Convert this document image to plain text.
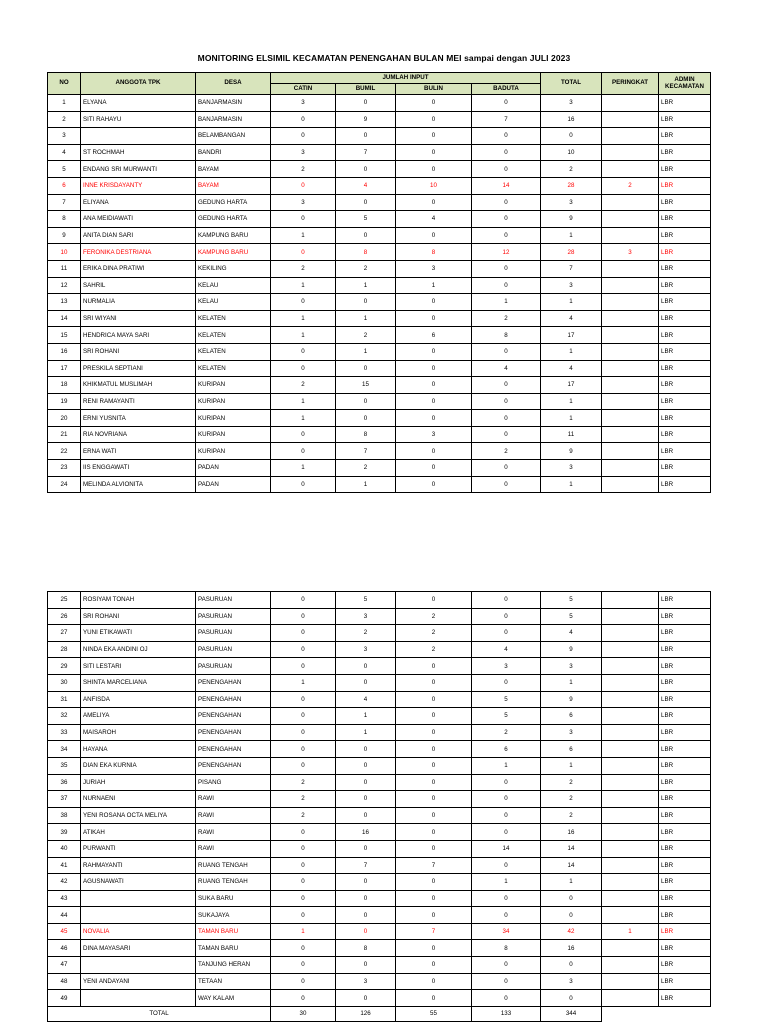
MONITORING ELSIMIL KECAMATAN PENENGAHAN BULAN MEI sampai dengan JULI 2023
NO	ANGGOTA TPK	DESA	JUMLAH INPUT				TOTAL	PERINGKAT	ADMIN KECAMATAN
			CATIN	BUMIL	BULIN	BADUTA			
1	ELYANA	BANJARMASIN	3	0	0	0	3		LBR
2	SITI RAHAYU	BANJARMASIN	0	9	0	7	16		LBR
3		BELAMBANGAN	0	0	0	0	0		LBR
4	ST ROCHMAH	BANDRI	3	7	0	0	10		LBR
5	ENDANG SRI MURWANTI	BAYAM	2	0	0	0	2		LBR
6	INNE KRISDAYANTY	BAYAM	0	4	10	14	28	2	LBR
7	ELIYANA	GEDUNG HARTA	3	0	0	0	3		LBR
8	ANA MEIDIAWATI	GEDUNG HARTA	0	5	4	0	9		LBR
9	ANITA DIAN SARI	KAMPUNG BARU	1	0	0	0	1		LBR
10	FERONIKA DESTRIANA	KAMPUNG BARU	0	8	8	12	28	3	LBR
11	ERIKA DINA PRATIWI	KEKILING	2	2	3	0	7		LBR
12	SAHRIL	KELAU	1	1	1	0	3		LBR
13	NURMALIA	KELAU	0	0	0	1	1		LBR
14	SRI WIYANI	KELATEN	1	1	0	2	4		LBR
15	HENDRICA MAYA SARI	KELATEN	1	2	6	8	17		LBR
16	SRI ROHANI	KELATEN	0	1	0	0	1		LBR
17	PRESKILA SEPTIANI	KELATEN	0	0	0	4	4		LBR
18	KHIKMATUL MUSLIMAH	KURIPAN	2	15	0	0	17		LBR
19	RENI RAMAYANTI	KURIPAN	1	0	0	0	1		LBR
20	ERNI YUSNITA	KURIPAN	1	0	0	0	1		LBR
21	RIA NOVRIANA	KURIPAN	0	8	3	0	11		LBR
22	ERNA WATI	KURIPAN	0	7	0	2	9		LBR
23	IIS ENGGAWATI	PADAN	1	2	0	0	3		LBR
24	MELINDA ALVIONITA	PADAN	0	1	0	0	1		LBR
25	ROSIYAM TONAH	PASURUAN	0	5	0	0	5		LBR
26	SRI ROHANI	PASURUAN	0	3	2	0	5		LBR
27	YUNI ETIKAWATI	PASURUAN	0	2	2	0	4		LBR
28	NINDA EKA ANDINI OJ	PASURUAN	0	3	2	4	9		LBR
29	SITI LESTARI	PASURUAN	0	0	0	3	3		LBR
30	SHINTA MARCELIANA	PENENGAHAN	1	0	0	0	1		LBR
31	ANFISDA	PENENGAHAN	0	4	0	5	9		LBR
32	AMELIYA	PENENGAHAN	0	1	0	5	6		LBR
33	MAISAROH	PENENGAHAN	0	1	0	2	3		LBR
34	HAYANA	PENENGAHAN	0	0	0	6	6		LBR
35	DIAN EKA KURNIA	PENENGAHAN	0	0	0	1	1		LBR
36	JURIAH	PISANG	2	0	0	0	2		LBR
37	NURNAENI	RAWI	2	0	0	0	2		LBR
38	YENI ROSANA OCTA MELIYA	RAWI	2	0	0	0	2		LBR
39	ATIKAH	RAWI	0	16	0	0	16		LBR
40	PURWANTI	RAWI	0	0	0	14	14		LBR
41	RAHMAYANTI	RUANG TENGAH	0	7	7	0	14		LBR
42	AGUSNAWATI	RUANG TENGAH	0	0	0	1	1		LBR
43		SUKA BARU	0	0	0	0	0		LBR
44		SUKAJAYA	0	0	0	0	0		LBR
45	NOVALIA	TAMAN BARU	1	0	7	34	42	1	LBR
46	DINA MAYASARI	TAMAN BARU	0	8	0	8	16		LBR
47		TANJUNG HERAN	0	0	0	0	0		LBR
48	YENI ANDAYANI	TETAAN	0	3	0	0	3		LBR
49		WAY KALAM	0	0	0	0	0		LBR
TOTAL			30	126	55	133	344		
